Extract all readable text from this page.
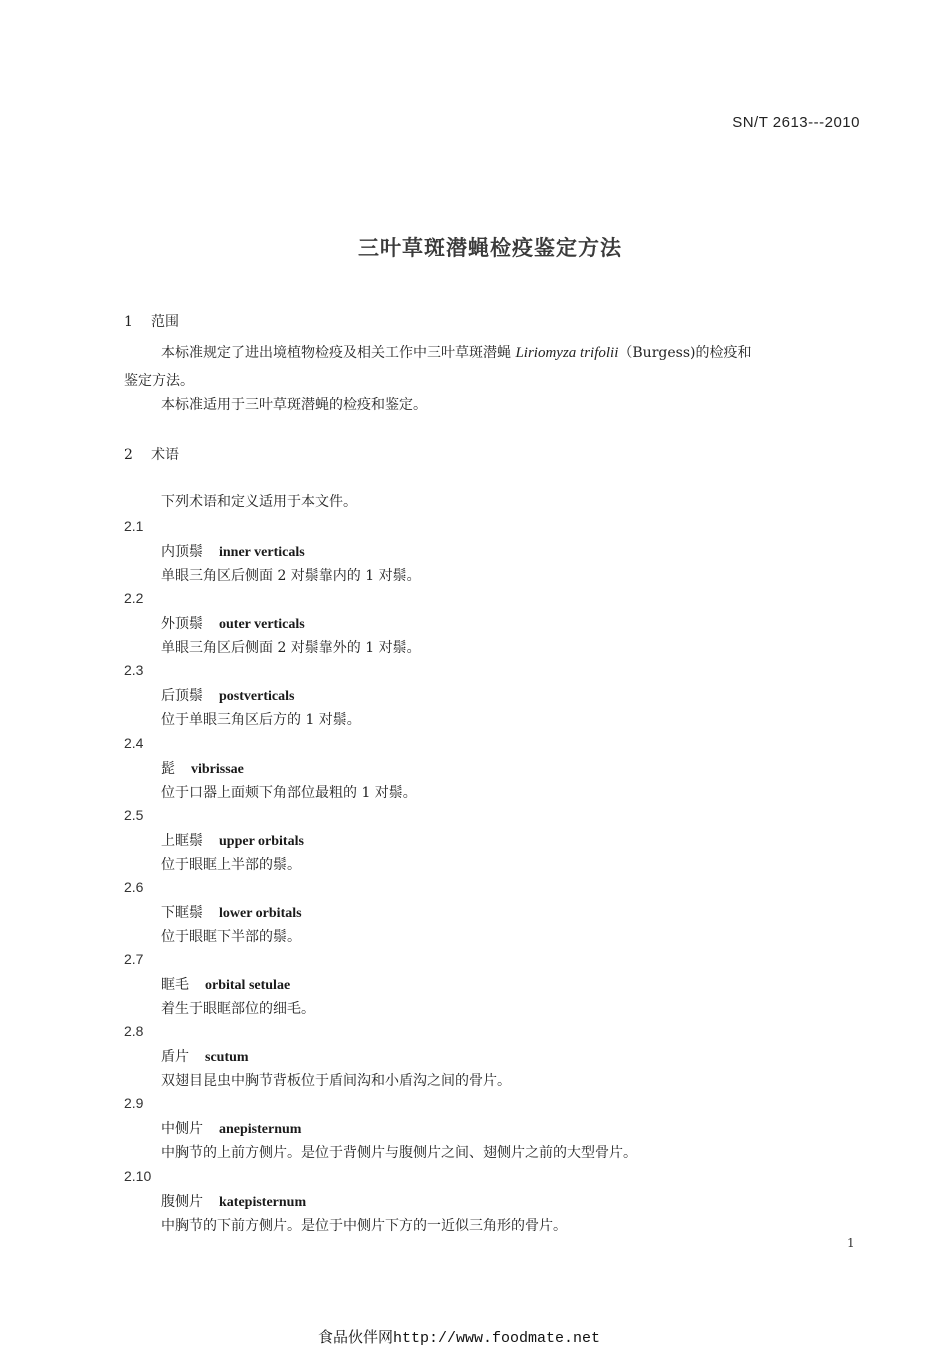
SN/T 2613---2010
三叶草斑潜蝇检疫鉴定方法
1 范围
本标准规定了进出境植物检疫及相关工作中三叶草斑潜蝇 Liriomyza trifolii（Burgess)的检疫和
鉴定方法。
本标准适用于三叶草斑潜蝇的检疫和鉴定。
2 术语
下列术语和定义适用于本文件。
2.1
内顶鬃 inner verticals
单眼三角区后侧面 2 对鬃靠内的 1 对鬃。
2.2
外顶鬃 outer verticals
单眼三角区后侧面 2 对鬃靠外的 1 对鬃。
2.3
后顶鬃 postverticals
位于单眼三角区后方的 1 对鬃。
2.4
髭 vibrissae
位于口器上面颊下角部位最粗的 1 对鬃。
2.5
上眶鬃 upper orbitals
位于眼眶上半部的鬃。
2.6
下眶鬃 lower orbitals
位于眼眶下半部的鬃。
2.7
眶毛 orbital setulae
着生于眼眶部位的细毛。
2.8
盾片 scutum
双翅目昆虫中胸节背板位于盾间沟和小盾沟之间的骨片。
2.9
中侧片 anepisternum
中胸节的上前方侧片。是位于背侧片与腹侧片之间、翅侧片之前的大型骨片。
2.10
腹侧片 katepisternum
中胸节的下前方侧片。是位于中侧片下方的一近似三角形的骨片。
1
食品伙伴网http://www.foodmate.net
